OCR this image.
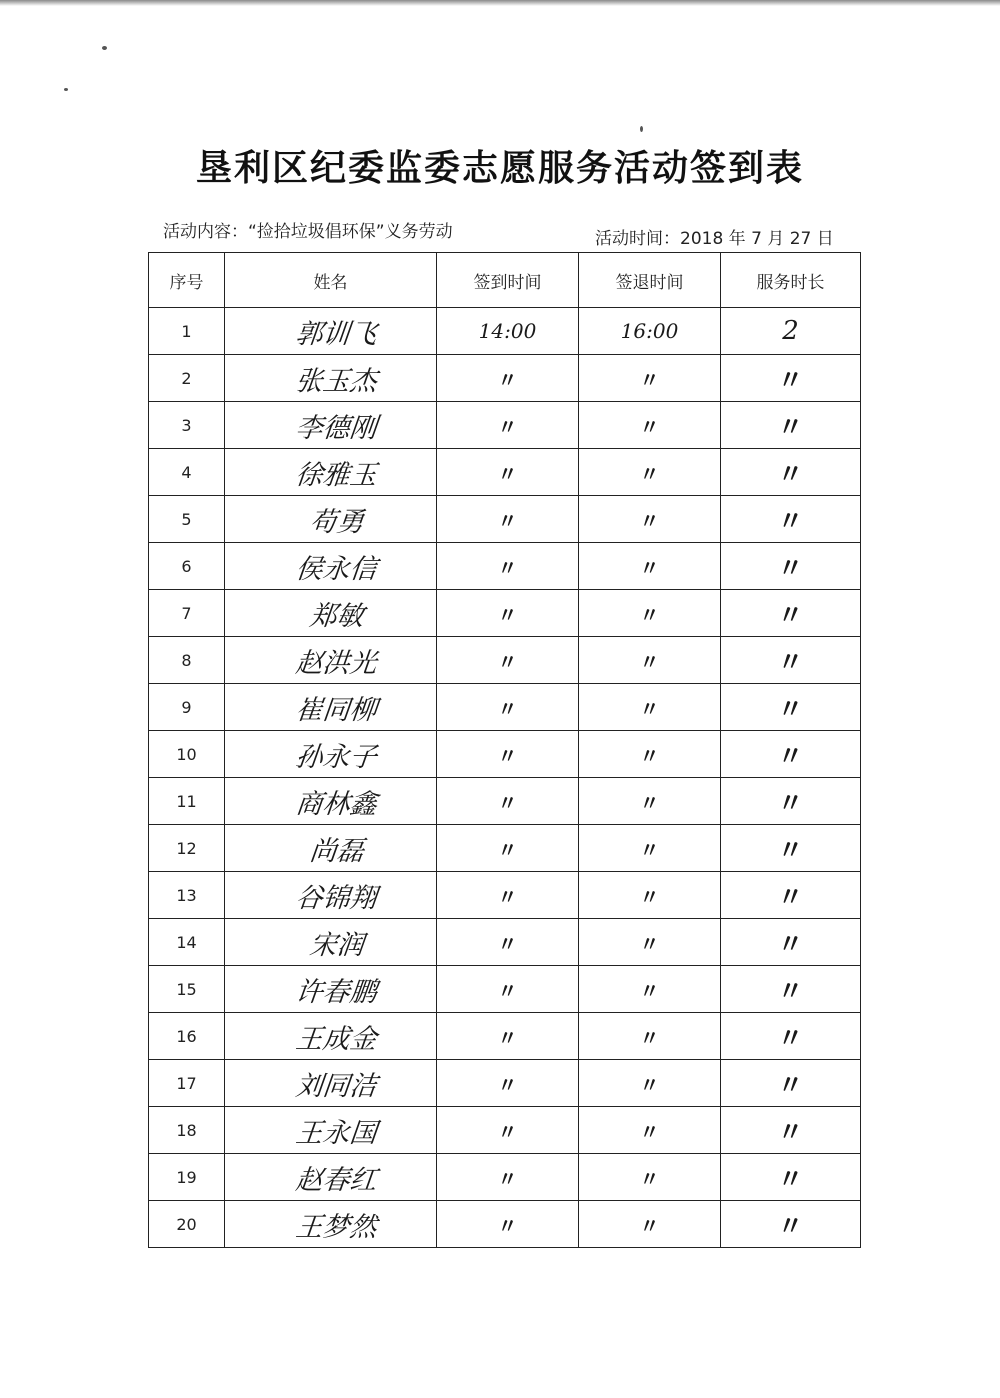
垦利区纪委监委志愿服务活动签到表
活动内容：“捡拾垃圾倡环保”义务劳动	活动时间：2018 年 7 月 27 日
序号	姓名	签到时间	签退时间	服务时长
1	郭训飞	14:00	16:00	2
2	张玉杰	〃	〃	〃
3	李德刚	〃	〃	〃
4	徐雅玉	〃	〃	〃
5	苟勇	〃	〃	〃
6	侯永信	〃	〃	〃
7	郑敏	〃	〃	〃
8	赵洪光	〃	〃	〃
9	崔同柳	〃	〃	〃
10	孙永子	〃	〃	〃
11	商林鑫	〃	〃	〃
12	尚磊	〃	〃	〃
13	谷锦翔	〃	〃	〃
14	宋润	〃	〃	〃
15	许春鹏	〃	〃	〃
16	王成金	〃	〃	〃
17	刘同洁	〃	〃	〃
18	王永国	〃	〃	〃
19	赵春红	〃	〃	〃
20	王梦然	〃	〃	〃
